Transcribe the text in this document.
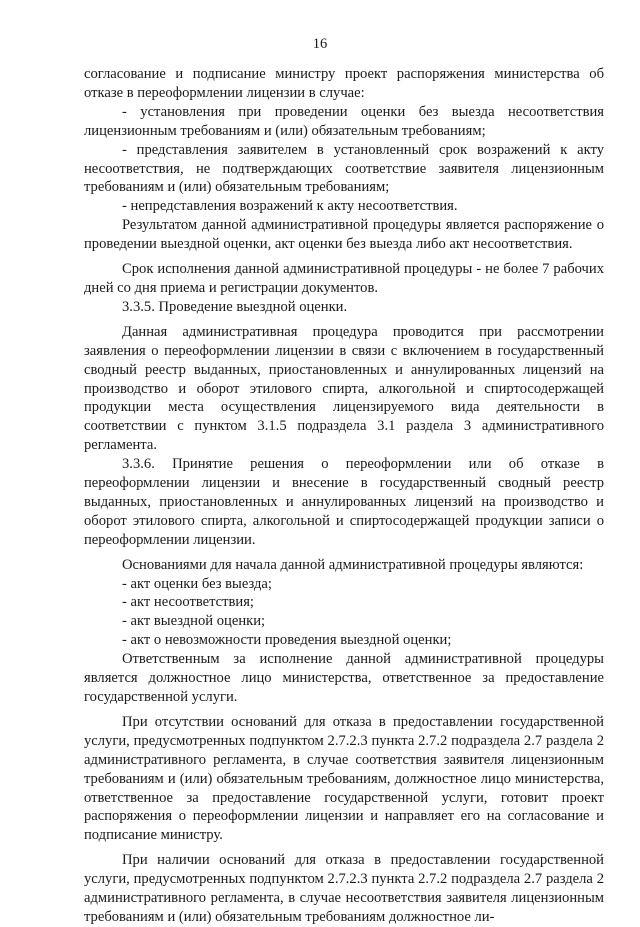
16

согласование и подписание министру проект распоряжения министерства об отказе в переоформлении лицензии в случае:

- установления при проведении оценки без выезда несоответствия лицензионным требованиям и (или) обязательным требованиям;

- представления заявителем в установленный срок возражений к акту несоответствия, не подтверждающих соответствие заявителя лицензионным требованиям и (или) обязательным требованиям;

- непредставления возражений к акту несоответствия.

Результатом данной административной процедуры является распоряжение о проведении выездной оценки, акт оценки без выезда либо акт несоответствия.

Срок исполнения данной административной процедуры - не более 7 рабочих дней со дня приема и регистрации документов.

3.3.5. Проведение выездной оценки.

Данная административная процедура проводится при рассмотрении заявления о переоформлении лицензии в связи с включением в государственный сводный реестр выданных, приостановленных и аннулированных лицензий на производство и оборот этилового спирта, алкогольной и спиртосодержащей продукции места осуществления лицензируемого вида деятельности в соответствии с пунктом 3.1.5 подраздела 3.1 раздела 3 административного регламента.

3.3.6. Принятие решения о переоформлении или об отказе в переоформлении лицензии и внесение в государственный сводный реестр выданных, приостановленных и аннулированных лицензий на производство и оборот этилового спирта, алкогольной и спиртосодержащей продукции записи о переоформлении лицензии.

Основаниями для начала данной административной процедуры являются:

- акт оценки без выезда;

- акт несоответствия;

- акт выездной оценки;

- акт о невозможности проведения выездной оценки;

Ответственным за исполнение данной административной процедуры является должностное лицо министерства, ответственное за предоставление государственной услуги.

При отсутствии оснований для отказа в предоставлении государственной услуги, предусмотренных подпунктом 2.7.2.3 пункта 2.7.2 подраздела 2.7 раздела 2 административного регламента, в случае соответствия заявителя лицензионным требованиям и (или) обязательным требованиям, должностное лицо министерства, ответственное за предоставление государственной услуги, готовит проект распоряжения о переоформлении лицензии и направляет его на согласование и подписание министру.

При наличии оснований для отказа в предоставлении государственной услуги, предусмотренных подпунктом 2.7.2.3 пункта 2.7.2 подраздела 2.7 раздела 2 административного регламента, в случае несоответствия заявителя лицензионным требованиям и (или) обязательным требованиям должностное ли-
